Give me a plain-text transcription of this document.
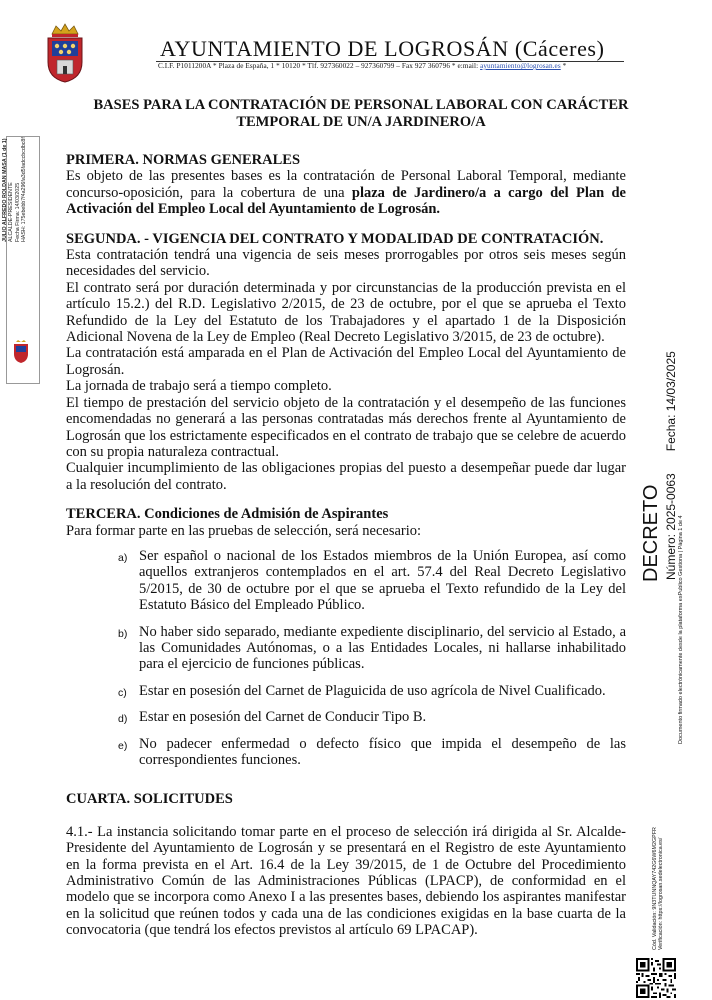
AYUNTAMIENTO DE LOGROSÁN (Cáceres)
C.I.F. P1011200A * Plaza de España, 1 * 10120 * Tlf. 927360022 – 927360799 – Fax 927 360796 * e:mail: ayuntamiento@logrosan.es *
BASES PARA LA CONTRATACIÓN DE PERSONAL LABORAL CON CARÁCTER
TEMPORAL DE UN/A JARDINERO/A
PRIMERA. NORMAS GENERALES

Es objeto de las presentes bases es la contratación de Personal Laboral Temporal, mediante concurso-oposición, para la cobertura de una plaza de Jardinero/a a cargo del Plan de Activación del Empleo Local del Ayuntamiento de Logrosán.

SEGUNDA. - VIGENCIA DEL CONTRATO Y MODALIDAD DE CONTRATACIÓN.

Esta contratación tendrá una vigencia de seis meses prorrogables por otros seis meses según necesidades del servicio.

El contrato será por duración determinada y por circunstancias de la producción prevista en el artículo 15.2.) del R.D. Legislativo 2/2015, de 23 de octubre, por el que se aprueba el Texto Refundido de la Ley del Estatuto de los Trabajadores y el apartado 1 de la Disposición Adicional Novena de la Ley de Empleo (Real Decreto Legislativo 3/2015, de 23 de octubre).

La contratación está amparada en el Plan de Activación del Empleo Local del Ayuntamiento de Logrosán.

La jornada de trabajo será a tiempo completo.

El tiempo de prestación del servicio objeto de la contratación y el desempeño de las funciones encomendadas no generará a las personas contratadas más derechos frente al Ayuntamiento de Logrosán que los estrictamente especificados en el contrato de trabajo que se celebre de acuerdo con su propia naturaleza contractual.

Cualquier incumplimiento de las obligaciones propias del puesto a desempeñar puede dar lugar a la resolución del contrato.

TERCERA. Condiciones de Admisión de Aspirantes

Para formar parte en las pruebas de selección, será necesario:

a) Ser español o nacional de los Estados miembros de la Unión Europea, así como aquellos extranjeros contemplados en el art. 57.4 del Real Decreto Legislativo 5/2015, de 30 de octubre por el que se aprueba el Texto refundido de la Ley del Estatuto Básico del Empleado Público.
b) No haber sido separado, mediante expediente disciplinario, del servicio al Estado, a las Comunidades Autónomas, o a las Entidades Locales, ni hallarse inhabilitado para el ejercicio de funciones públicas.
c) Estar en posesión del Carnet de Plaguicida de uso agrícola de Nivel Cualificado.
d) Estar en posesión del Carnet de Conducir Tipo B.
e) No padecer enfermedad o defecto físico que impida el desempeño de las correspondientes funciones.
CUARTA. SOLICITUDES

4.1.- La instancia solicitando tomar parte en el proceso de selección irá dirigida al Sr. Alcalde-Presidente del Ayuntamiento de Logrosán y se presentará en el Registro de este Ayuntamiento en la forma prevista en el Art. 16.4 de la Ley 39/2015, de 1 de Octubre del Procedimiento Administrativo Común de las Administraciones Públicas (LPACP), de conformidad en el modelo que se incorpora como Anexo I a las presentes bases, debiendo los aspirantes manifestar en la solicitud que reúnen todos y cada una de las condiciones exigidas en la base cuarta de la convocatoria (que tendrá los efectos previstos al artículo 69 LPACAP).

JULIO ALFREDO ROLDAN MASA (1 de 1) ALCALDE-PRESIDENTE Fecha Firma: 14/03/2025 HASH: 175ebebb7f4a296fa3d5fadccbcdbc8f
DECRETO Número: 2025-0063Fecha: 14/03/2025
Documento firmado electrónicamente desde la plataforma esPublico Gestiona | Página 1 de 4
Cód. Validación: 9N3TUNNQAY742G6W6M2GPFR Verificación: https://logrosan.sedelectronica.es/
